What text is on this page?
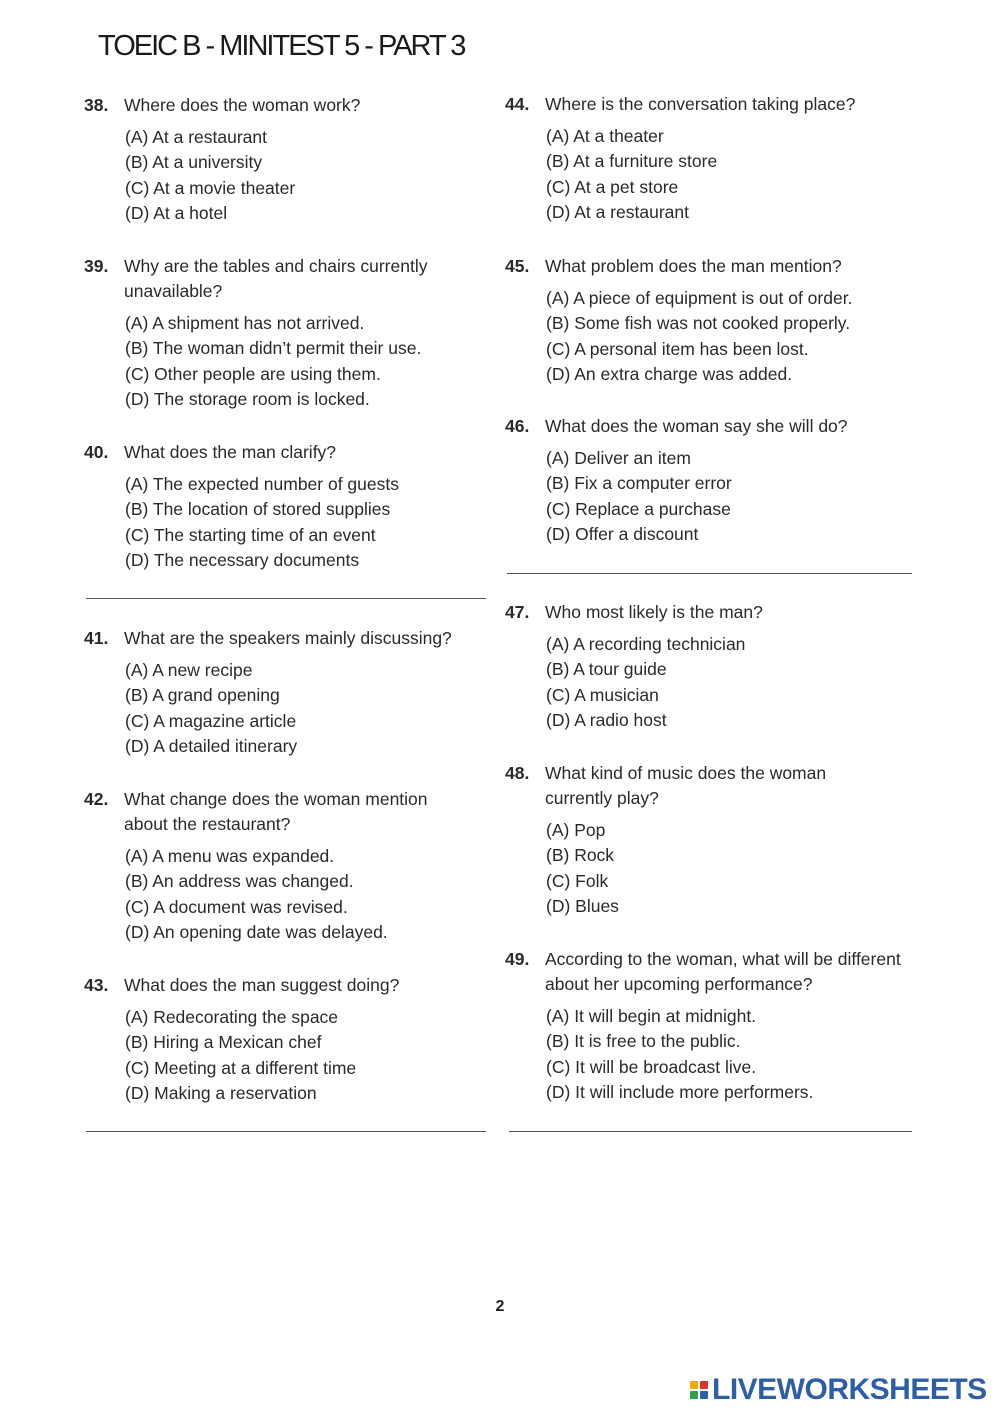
TOEIC B - MINITEST 5 - PART 3
38. Where does the woman work?
(A) At a restaurant
(B) At a university
(C) At a movie theater
(D) At a hotel
39. Why are the tables and chairs currently unavailable?
(A) A shipment has not arrived.
(B) The woman didn’t permit their use.
(C) Other people are using them.
(D) The storage room is locked.
40. What does the man clarify?
(A) The expected number of guests
(B) The location of stored supplies
(C) The starting time of an event
(D) The necessary documents
41. What are the speakers mainly discussing?
(A) A new recipe
(B) A grand opening
(C) A magazine article
(D) A detailed itinerary
42. What change does the woman mention about the restaurant?
(A) A menu was expanded.
(B) An address was changed.
(C) A document was revised.
(D) An opening date was delayed.
43. What does the man suggest doing?
(A) Redecorating the space
(B) Hiring a Mexican chef
(C) Meeting at a different time
(D) Making a reservation
44. Where is the conversation taking place?
(A) At a theater
(B) At a furniture store
(C) At a pet store
(D) At a restaurant
45. What problem does the man mention?
(A) A piece of equipment is out of order.
(B) Some fish was not cooked properly.
(C) A personal item has been lost.
(D) An extra charge was added.
46. What does the woman say she will do?
(A) Deliver an item
(B) Fix a computer error
(C) Replace a purchase
(D) Offer a discount
47. Who most likely is the man?
(A) A recording technician
(B) A tour guide
(C) A musician
(D) A radio host
48. What kind of music does the woman currently play?
(A) Pop
(B) Rock
(C) Folk
(D) Blues
49. According to the woman, what will be different about her upcoming performance?
(A) It will begin at midnight.
(B) It is free to the public.
(C) It will be broadcast live.
(D) It will include more performers.
2
LIVEWORKSHEETS
